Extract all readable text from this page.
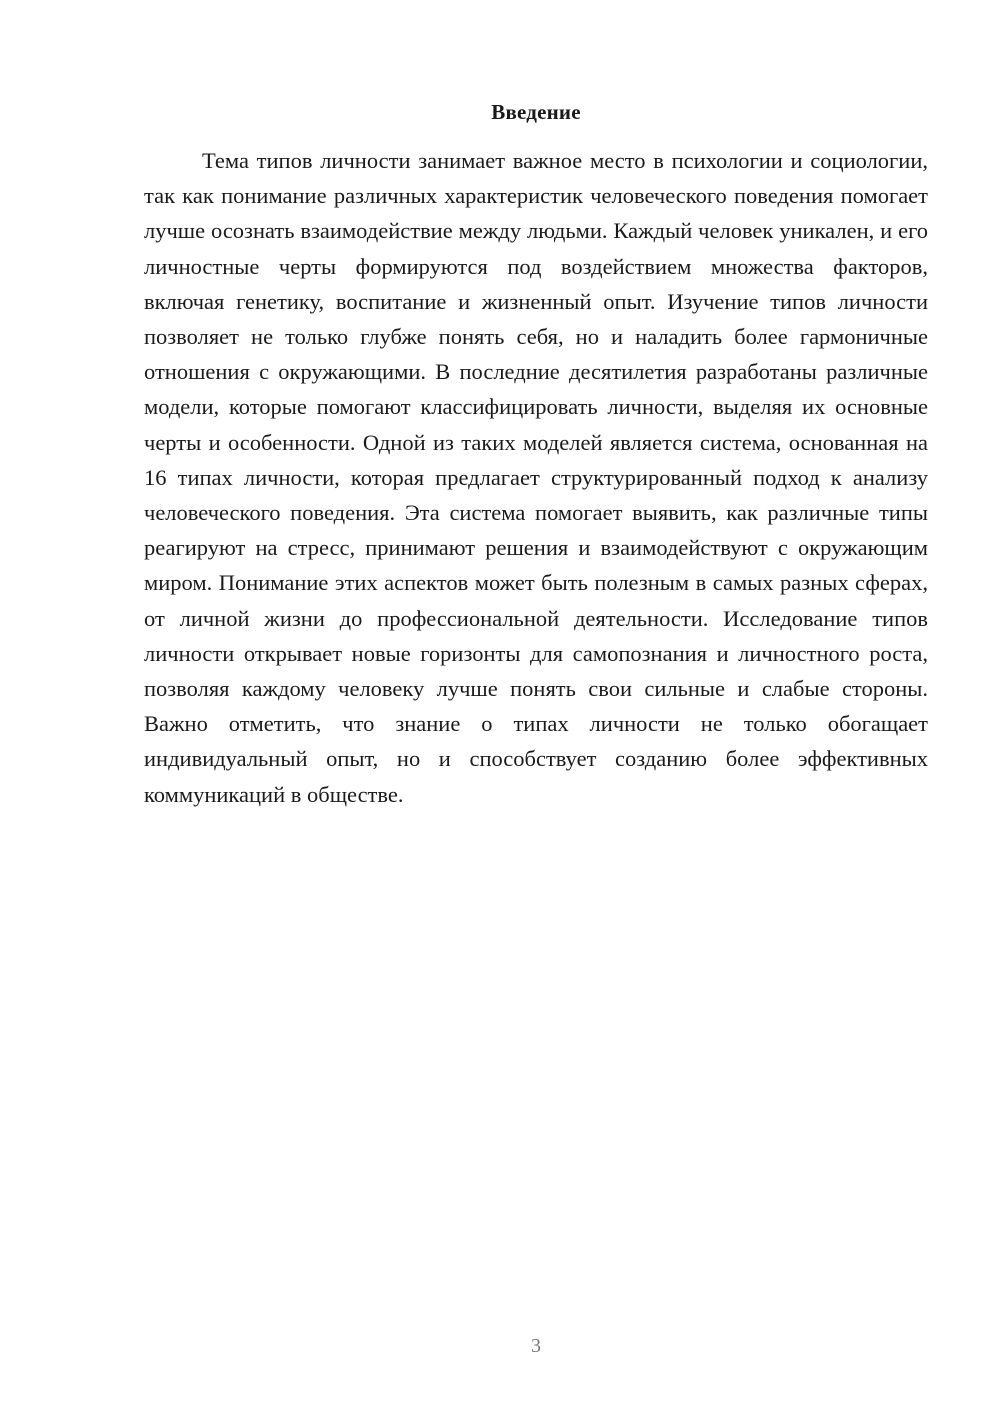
Введение

Тема типов личности занимает важное место в психологии и социологии, так как понимание различных характеристик человеческого поведения помогает лучше осознать взаимодействие между людьми. Каждый человек уникален, и его личностные черты формируются под воздействием множества факторов, включая генетику, воспитание и жизненный опыт. Изучение типов личности позволяет не только глубже понять себя, но и наладить более гармоничные отношения с окружающими. В последние десятилетия разработаны различные модели, которые помогают классифицировать личности, выделяя их основные черты и особенности. Одной из таких моделей является система, основанная на 16 типах личности, которая предлагает структурированный подход к анализу человеческого поведения. Эта система помогает выявить, как различные типы реагируют на стресс, принимают решения и взаимодействуют с окружающим миром. Понимание этих аспектов может быть полезным в самых разных сферах, от личной жизни до профессиональной деятельности. Исследование типов личности открывает новые горизонты для самопознания и личностного роста, позволяя каждому человеку лучше понять свои сильные и слабые стороны. Важно отметить, что знание о типах личности не только обогащает индивидуальный опыт, но и способствует созданию более эффективных коммуникаций в обществе.

3
